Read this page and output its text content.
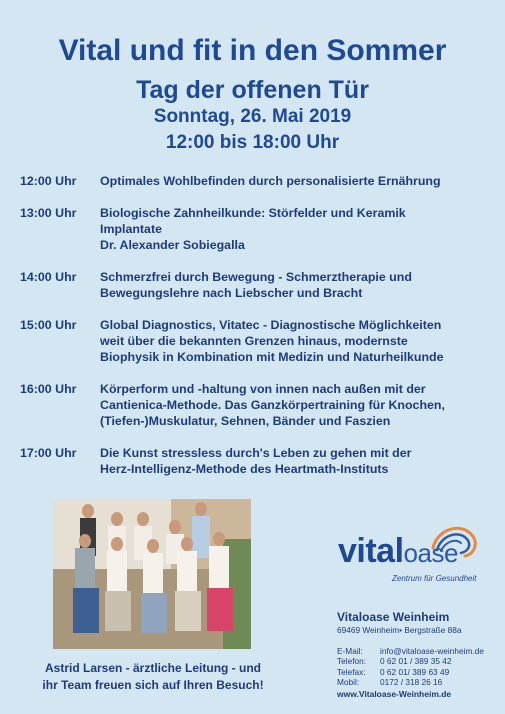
Vital und fit in den Sommer
Tag der offenen Tür
Sonntag, 26. Mai 2019
12:00 bis 18:00 Uhr
12:00 Uhr	Optimales Wohlbefinden durch personalisierte Ernährung
13:00 Uhr	Biologische Zahnheilkunde: Störfelder und Keramik
Implantate
Dr. Alexander Sobiegalla
14:00 Uhr	Schmerzfrei durch Bewegung - Schmerztherapie und
Bewegungslehre nach Liebscher und Bracht
15:00 Uhr	Global Diagnostics, Vitatec - Diagnostische Möglichkeiten
weit über die bekannten Grenzen hinaus, modernste
Biophysik in Kombination mit Medizin und Naturheilkunde
16:00 Uhr	Körperform und -haltung von innen nach außen mit der
Cantienica-Methode. Das Ganzkörpertraining für Knochen,
(Tiefen-)Muskulatur, Sehnen, Bänder und Faszien
17:00 Uhr	Die Kunst stressless durch's Leben zu gehen mit der
Herz-Intelligenz-Methode des Heartmath-Instituts
Astrid Larsen - ärztliche Leitung - und
ihr Team freuen sich auf Ihren Besuch!
vitaloase
Zentrum für Gesundheit
Vitaloase Weinheim
69469 Weinheim• Bergstraße 88a
E-Mail:	info@vitaloase-weinheim.de
Telefon:	0 62 01 / 389 35 42
Telefax:	0 62 01/ 389 63 49
Mobil:	0172 / 318 26 16
www.Vitaloase-Weinheim.de
